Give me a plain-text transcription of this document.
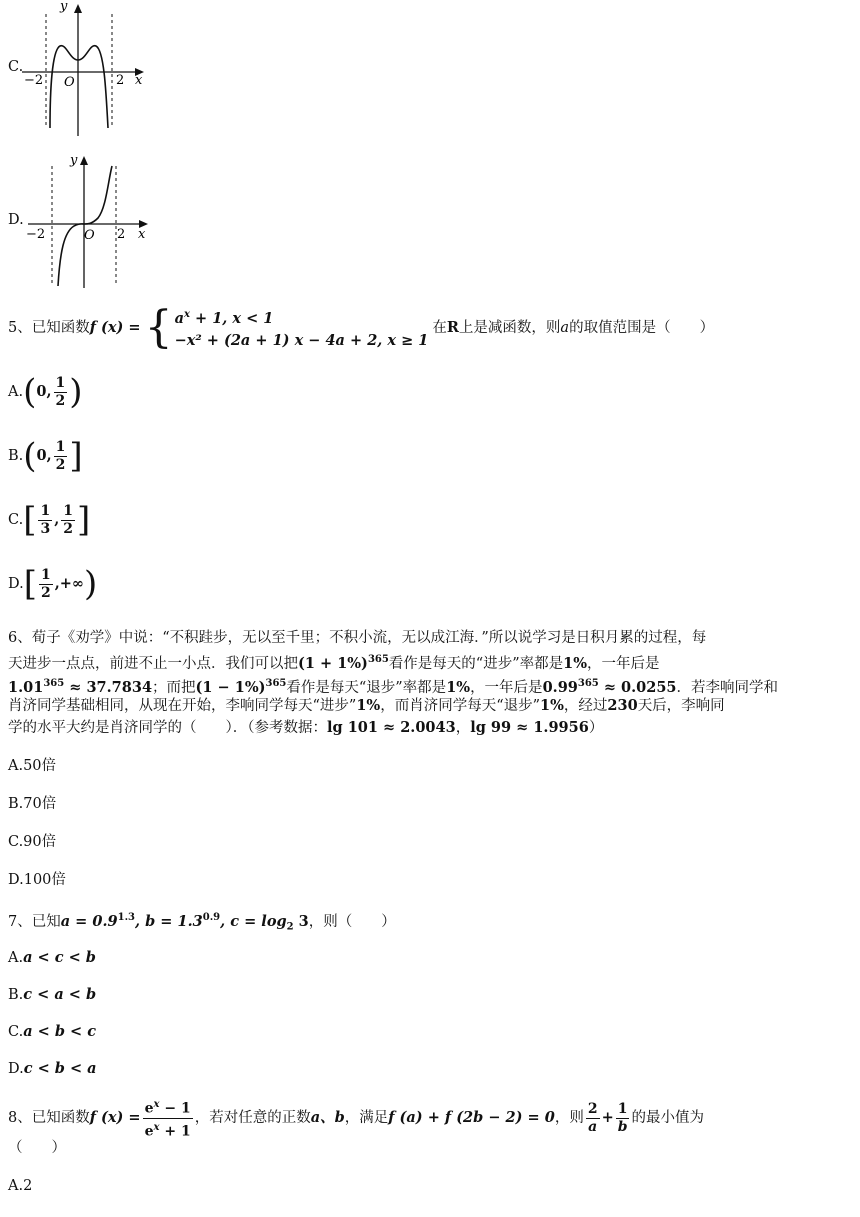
C.
y
x
O
−2	2
D.
y
x
O
−2	2
5、已知函数 f (x) = { $a^x + 1$, x < 1
−x² + (2a + 1) x − 4a + 2, x ≥ 1
在 R 上是减函数，则 a 的取值范围是（　　）
A. ( 0, $\frac{1}{2}$ )
B. ( 0, $\frac{1}{2}$ ]
C. [ $\frac{1}{3}$ , $\frac{1}{2}$ ]
D. [ $\frac{1}{2}$ ,+∞ )
6、荀子《劝学》中说：“不积跬步，无以至千里；不积小流，无以成江海．”所以说学习是日积月累的过程，每
天进步一点点，前进不止一小点．我们可以把$(1 + 1\%)^{365}$看作是每天的“进步”率都是1%，一年后是
$1.01^{365} \approx 37.7834$；而把$(1 - 1\%)^{365}$看作是每天“退步”率都是1%，一年后是$0.99^{365} \approx 0.0255$．若李响同学和
肖济同学基础相同，从现在开始，李响同学每天“进步”1%，而肖济同学每天“退步”1%，经过230天后，李响同
学的水平大约是肖济同学的（　　）．（参考数据：lg 101 ≈ 2.0043，lg 99 ≈ 1.9956）
A.50倍
B.70倍
C.90倍
D.100倍
7、已知$a = 0.9^{1.3}$, $b = 1.3^{0.9}$, $c = \log_2 3$，则（　　）
A.a < c < b
B.c < a < b
C.a < b < c
D.c < b < a
8、已知函数 f $(x) = \frac{e^x - 1}{e^x + 1}$ ，若对任意的正数 a、b ，满足 f (a) + f (2b − 2) = 0 ，则 $\frac{2}{a} + \frac{1}{b}$ 的最小值为
（　　）
A.2
